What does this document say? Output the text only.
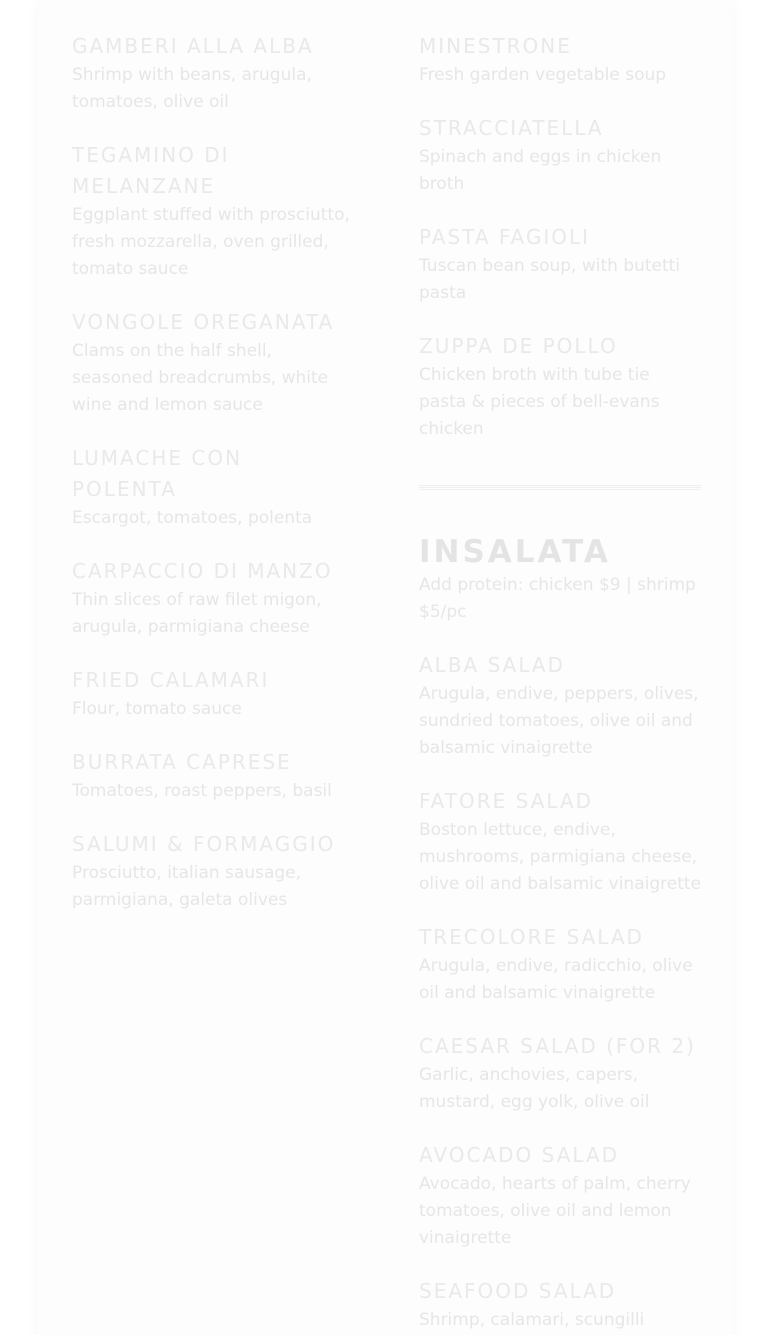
GAMBERI ALLA ALBA

Shrimp with beans, arugula, tomatoes, olive oil

TEGAMINO DI MELANZANE

Eggplant stuffed with prosciutto, fresh mozzarella, oven grilled, tomato sauce

VONGOLE OREGANATA

Clams on the half shell, seasoned breadcrumbs, white wine and lemon sauce

LUMACHE CON POLENTA

Escargot, tomatoes, polenta

CARPACCIO DI MANZO

Thin slices of raw filet migon, arugula, parmigiana cheese

FRIED CALAMARI

Flour, tomato sauce

BURRATA CAPRESE

Tomatoes, roast peppers, basil

SALUMI & FORMAGGIO

Prosciutto, italian sausage, parmigiana, galeta olives

MINESTRONE

Fresh garden vegetable soup

STRACCIATELLA

Spinach and eggs in chicken broth

PASTA FAGIOLI

Tuscan bean soup, with butetti pasta

ZUPPA DE POLLO

Chicken broth with tube tie pasta & pieces of bell-evans chicken

INSALATA

Add protein: chicken $9 | shrimp $5/pc

ALBA SALAD

Arugula, endive, peppers, olives, sundried tomatoes, olive oil and balsamic vinaigrette

FATORE SALAD

Boston lettuce, endive, mushrooms, parmigiana cheese, olive oil and balsamic vinaigrette

TRECOLORE SALAD

Arugula, endive, radicchio, olive oil and balsamic vinaigrette

CAESAR SALAD (FOR 2)

Garlic, anchovies, capers, mustard, egg yolk, olive oil

AVOCADO SALAD

Avocado, hearts of palm, cherry tomatoes, olive oil and lemon vinaigrette

SEAFOOD SALAD

Shrimp, calamari, scungilli
